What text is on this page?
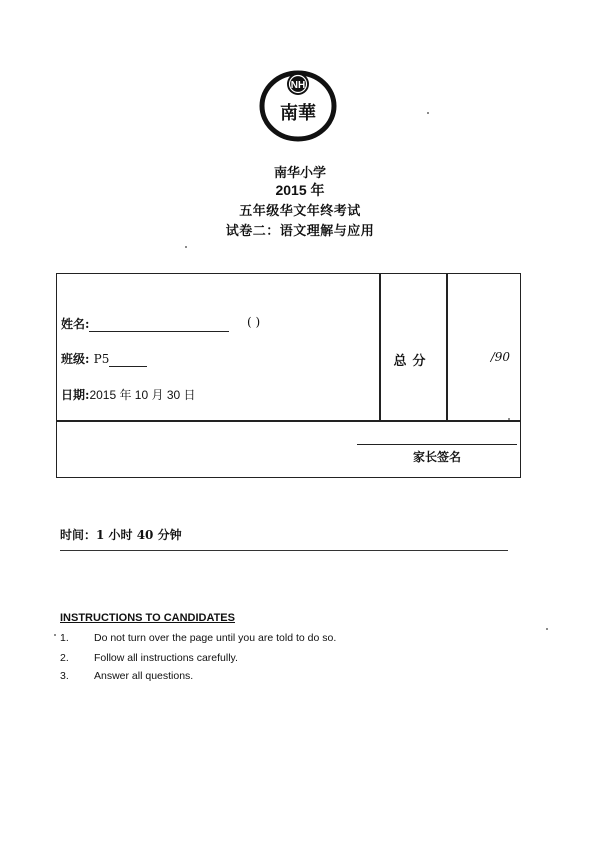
NH
南華
南华小学
2015 年
五年级华文年终考试
试卷二：语文理解与应用
姓名:	( )
班级: P5
日期:2015 年 10 月 30 日
总分	/90
家长签名
时间：1 小时 40 分钟
INSTRUCTIONS TO CANDIDATES
1. Do not turn over the page until you are told to do so.
2. Follow all instructions carefully.
3. Answer all questions.
